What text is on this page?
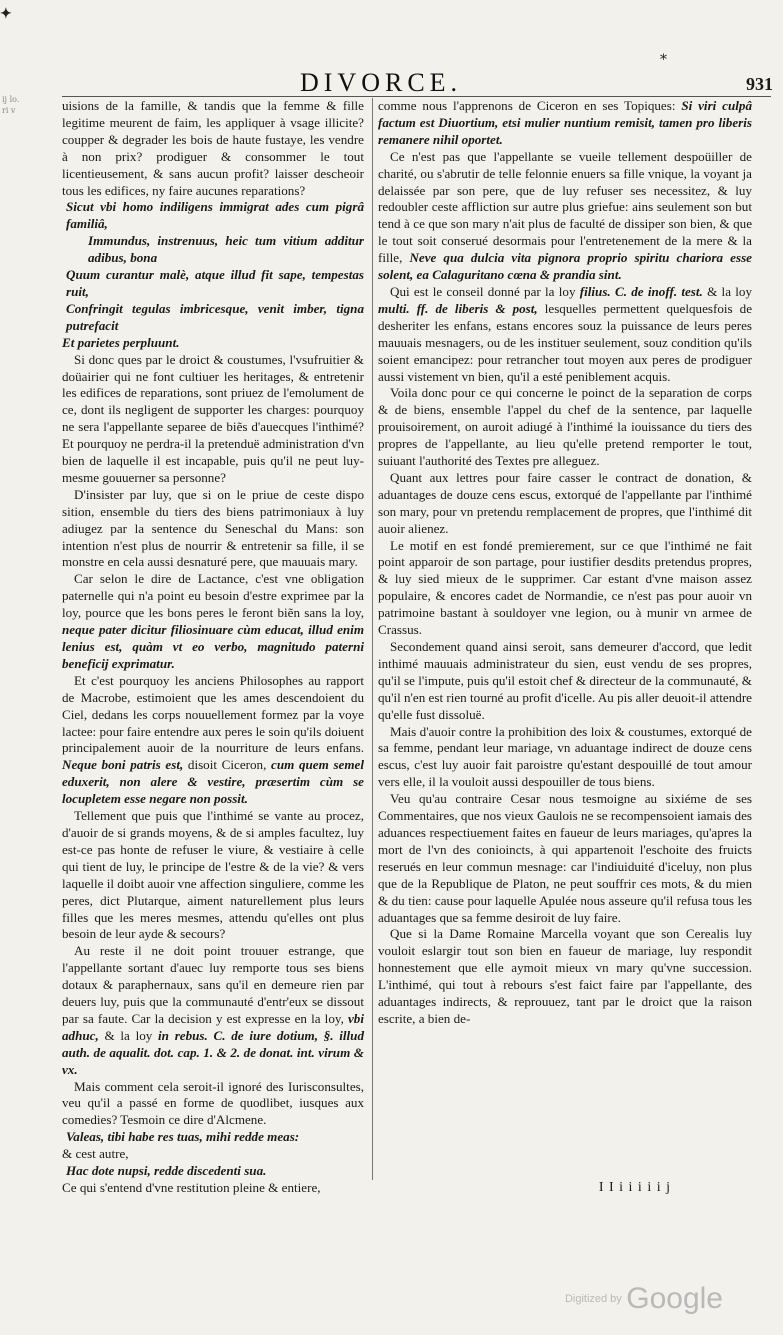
✦
*
DIVORCE.	931
ij lo. ri v	uisions de la famille, & tandis que la femme & fille legitime meurent de faim, les appliquer à vsage illicite? coupper & degrader les bois de haute fustaye, les vendre à non prix? prodiguer & consommer le tout licentieusement, & sans aucun profit? laisser descheoir tous les edifices, ny faire aucunes reparations?

Sicut vbi homo indiligens immigrat ades cum pigrâ familiâ,

Immundus, instrenuus, heic tum vitium additur adibus, bona

Quum curantur malè, atque illud fit sape, tempestas ruit,

Confringit tegulas imbricesque, venit imber, tigna putrefacit

Et parietes perpluunt.

Si donc ques par le droict & coustumes, l'vsufruitier & doüairier qui ne font cultiuer les heritages, & entretenir les edifices de reparations, sont priuez de l'emolument de ce, dont ils negligent de supporter les charges: pourquoy ne sera l'appellante separee de biẽs d'auecques l'inthimé? Et pourquoy ne perdra-il la pretenduë administration d'vn bien de laquelle il est incapable, puis qu'il ne peut luy-mesme gouuerner sa personne?

D'insister par luy, que si on le priue de ceste dispo sition, ensemble du tiers des biens patrimoniaux à luy adiugez par la sentence du Seneschal du Mans: son intention n'est plus de nourrir & entretenir sa fille, il se monstre en cela aussi desnaturé pere, que mauuais mary.

Car selon le dire de Lactance, c'est vne obligation paternelle qui n'a point eu besoin d'estre exprimee par la loy, pource que les bons peres le feront biẽn sans la loy, neque pater dicitur filiosinuare cùm educat, illud enim lenius est, quàm vt eo verbo, magnitudo paterni beneficij exprimatur.

Et c'est pourquoy les anciens Philosophes au rapport de Macrobe, estimoient que les ames descendoient du Ciel, dedans les corps nouuellement formez par la voye lactee: pour faire entendre aux peres le soin qu'ils doiuent principalement auoir de la nourriture de leurs enfans. Neque boni patris est, disoit Ciceron, cum quem semel eduxerit, non alere & vestire, præsertim cùm se locupletem esse negare non possit.

Tellement que puis que l'inthimé se vante au procez, d'auoir de si grands moyens, & de si amples facultez, luy est-ce pas honte de refuser le viure, & vestiaire à celle qui tient de luy, le principe de l'estre & de la vie? & vers laquelle il doibt auoir vne affection singuliere, comme les peres, dict Plutarque, aiment naturellement plus leurs filles que les meres mesmes, attendu qu'elles ont plus besoin de leur ayde & secours?

Au reste il ne doit point trouuer estrange, que l'appellante sortant d'auec luy remporte tous ses biens dotaux & paraphernaux, sans qu'il en demeure rien par deuers luy, puis que la communauté d'entr'eux se dissout par sa faute. Car la decision y est expresse en la loy, vbi adhuc, & la loy in rebus. C. de iure dotium, §. illud auth. de aqualit. dot. cap. 1. & 2. de donat. int. virum & vx.

Mais comment cela seroit-il ignoré des Iurisconsultes, veu qu'il a passé en forme de quodlibet, iusques aux comedies? Tesmoin ce dire d'Alcmene.

Valeas, tibi habe res tuas, mihi redde meas:

& cest autre,

Hac dote nupsi, redde discedenti sua.

Ce qui s'entend d'vne restitution pleine & entiere,

comme nous l'apprenons de Ciceron en ses Topiques: Si viri culpâ factum est Diuortium, etsi mulier nuntium remisit, tamen pro liberis remanere nihil oportet.

Ce n'est pas que l'appellante se vueile tellement despoüiller de charité, ou s'abrutir de telle felonnie enuers sa fille vnique, la voyant ja delaissée par son pere, que de luy refuser ses necessitez, & luy redoubler ceste affliction sur autre plus griefue: ains seulement son but tend à ce que son mary n'ait plus de faculté de dissiper son bien, & que le tout soit conserué desormais pour l'entretenement de la mere & la fille, Neve qua dulcia vita pignora proprio spiritu chariora esse solent, ea Calaguritano cœna & prandia sint.

Qui est le conseil donné par la loy filius. C. de inoff. test. & la loy multi. ff. de liberis & post, lesquelles permettent quelquesfois de desheriter les enfans, estans encores souz la puissance de leurs peres mauuais mesnagers, ou de les instituer seulement, souz condition qu'ils soient emancipez: pour retrancher tout moyen aux peres de prodiguer aussi vistement vn bien, qu'il a esté peniblement acquis.

Voila donc pour ce qui concerne le poinct de la separation de corps & de biens, ensemble l'appel du chef de la sentence, par laquelle prouisoirement, on auroit adiugé à l'inthimé la iouissance du tiers des propres de l'appellante, au lieu qu'elle pretend remporter le tout, suiuant l'authorité des Textes pre alleguez.

Quant aux lettres pour faire casser le contract de donation, & aduantages de douze cens escus, extorqué de l'appellante par l'inthimé son mary, pour vn pretendu remplacement de propres, que l'inthimé dit auoir alienez.

Le motif en est fondé premierement, sur ce que l'inthimé ne fait point apparoir de son partage, pour iustifier desdits pretendus propres, & luy sied mieux de le supprimer. Car estant d'vne maison assez populaire, & encores cadet de Normandie, ce n'est pas pour auoir vn patrimoine bastant à souldoyer vne legion, ou à munir vn armee de Crassus.

Secondement quand ainsi seroit, sans demeurer d'accord, que ledit inthimé mauuais administrateur du sien, eust vendu de ses propres, qu'il se l'impute, puis qu'il estoit chef & directeur de la communauté, & qu'il n'en est rien tourné au profit d'icelle. Au pis aller deuoit-il attendre qu'elle fust dissoluë.

Mais d'auoir contre la prohibition des loix & coustumes, extorqué de sa femme, pendant leur mariage, vn aduantage indirect de douze cens escus, c'est luy auoir fait paroistre qu'estant despouillé de tout amour vers elle, il la vouloit aussi despouiller de tous biens.

Veu qu'au contraire Cesar nous tesmoigne au sixiéme de ses Commentaires, que nos vieux Gaulois ne se recompensoient iamais des aduances respectiuement faites en faueur de leurs mariages, qu'apres la mort de l'vn des conioincts, à qui appartenoit l'eschoite des fruicts reserués en leur commun mesnage: car l'indiuiduité d'iceluy, non plus que de la Republique de Platon, ne peut souffrir ces mots, & du mien & du tien: cause pour laquelle Apulée nous asseure qu'il refusa tous les aduantages que sa femme desiroit de luy faire.

Que si la Dame Romaine Marcella voyant que son Cerealis luy vouloit eslargir tout son bien en faueur de mariage, luy respondit honnestement que elle aymoit mieux vn mary qu'vne succession. L'inthimé, qui tout à rebours s'est faict faire par l'appellante, des aduantages indirects, & reprouuez, tant par le droict que la raison escrite, a bien de-

I I i i i i i j
Digitized by Google
